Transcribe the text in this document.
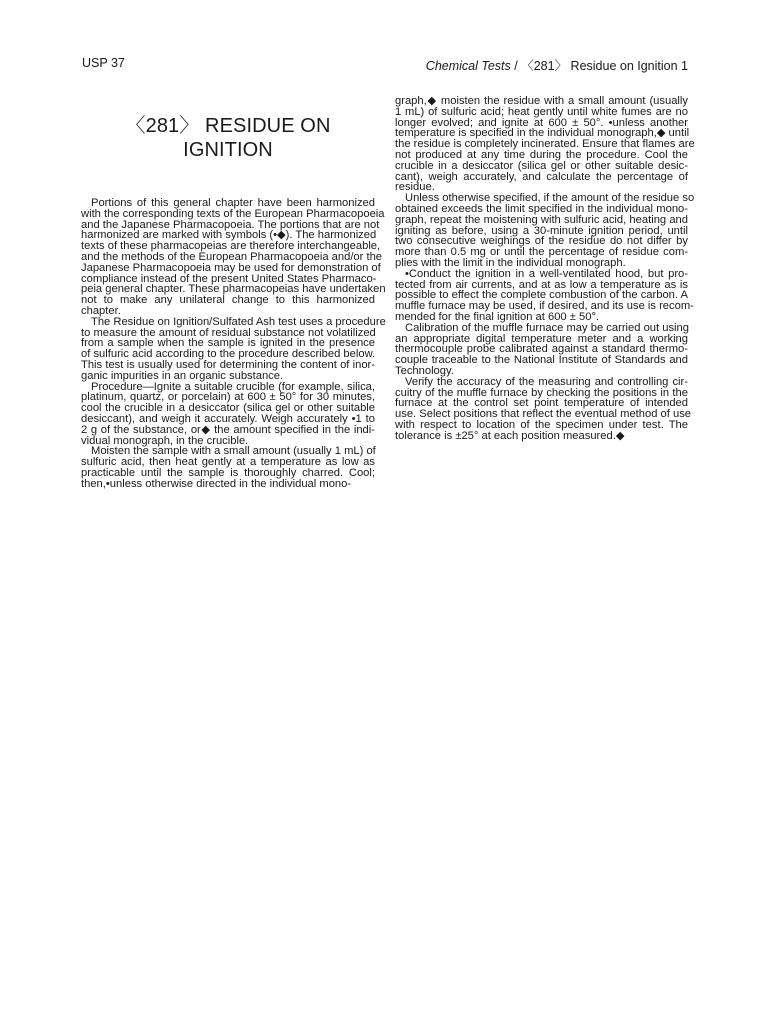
USP 37	Chemical Tests / 〈281〉 Residue on Ignition 1
〈281〉 RESIDUE ON IGNITION
Portions of this general chapter have been harmonized
with the corresponding texts of the European Pharmacopoeia
and the Japanese Pharmacopoeia. The portions that are not
harmonized are marked with symbols (•◆). The harmonized
texts of these pharmacopeias are therefore interchangeable,
and the methods of the European Pharmacopoeia and/or the
Japanese Pharmacopoeia may be used for demonstration of
compliance instead of the present United States Pharmaco-
peia general chapter. These pharmacopeias have undertaken
not to make any unilateral change to this harmonized
chapter.
The Residue on Ignition/Sulfated Ash test uses a procedure
to measure the amount of residual substance not volatilized
from a sample when the sample is ignited in the presence
of sulfuric acid according to the procedure described below.
This test is usually used for determining the content of inor-
ganic impurities in an organic substance.
Procedure—Ignite a suitable crucible (for example, silica,
platinum, quartz, or porcelain) at 600 ± 50° for 30 minutes,
cool the crucible in a desiccator (silica gel or other suitable
desiccant), and weigh it accurately. Weigh accurately •1 to
2 g of the substance, or◆ the amount specified in the indi-
vidual monograph, in the crucible.
Moisten the sample with a small amount (usually 1 mL) of
sulfuric acid, then heat gently at a temperature as low as
practicable until the sample is thoroughly charred. Cool;
then,•unless otherwise directed in the individual mono-
graph,◆ moisten the residue with a small amount (usually
1 mL) of sulfuric acid; heat gently until white fumes are no
longer evolved; and ignite at 600 ± 50°. •unless another
temperature is specified in the individual monograph,◆ until
the residue is completely incinerated. Ensure that flames are
not produced at any time during the procedure. Cool the
crucible in a desiccator (silica gel or other suitable desic-
cant), weigh accurately, and calculate the percentage of
residue.
Unless otherwise specified, if the amount of the residue so
obtained exceeds the limit specified in the individual mono-
graph, repeat the moistening with sulfuric acid, heating and
igniting as before, using a 30-minute ignition period, until
two consecutive weighings of the residue do not differ by
more than 0.5 mg or until the percentage of residue com-
plies with the limit in the individual monograph.
•Conduct the ignition in a well-ventilated hood, but pro-
tected from air currents, and at as low a temperature as is
possible to effect the complete combustion of the carbon. A
muffle furnace may be used, if desired, and its use is recom-
mended for the final ignition at 600 ± 50°.
Calibration of the muffle furnace may be carried out using
an appropriate digital temperature meter and a working
thermocouple probe calibrated against a standard thermo-
couple traceable to the National Institute of Standards and
Technology.
Verify the accuracy of the measuring and controlling cir-
cuitry of the muffle furnace by checking the positions in the
furnace at the control set point temperature of intended
use. Select positions that reflect the eventual method of use
with respect to location of the specimen under test. The
tolerance is ±25° at each position measured.◆
